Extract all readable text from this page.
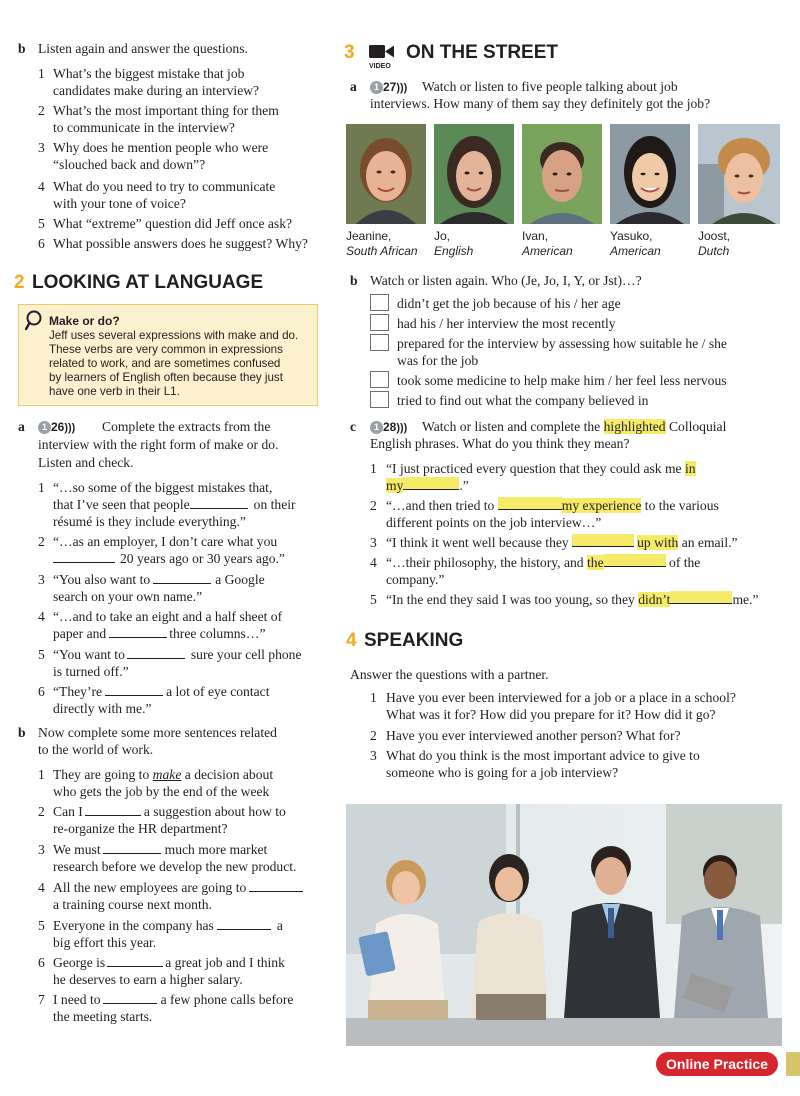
b Listen again and answer the questions.
1 What’s the biggest mistake that job
candidates make during an interview?
2 What’s the most important thing for them
to communicate in the interview?
3 Why does he mention people who were
“slouched back and down”?
4 What do you need to try to communicate
with your tone of voice?
5 What “extreme” question did Jeff once ask?
6 What possible answers does he suggest? Why?
2 LOOKING AT LANGUAGE
Make or do?
Jeff uses several expressions with make and do.
These verbs are very common in expressions
related to work, and are sometimes confused
by learners of English often because they just
have one verb in their L1.
a	1 26))) Complete the extracts from the
interview with the right form of make or do.
Listen and check.
1 “…so some of the biggest mistakes that,
that I’ve seen that people	on their
résumé is they include everything.”
2 “…as an employer, I don’t care what you
20 years ago or 30 years ago.”
3 “You also want to	a Google
search on your own name.”
4 “…and to take an eight and a half sheet of
paper and	three columns…”
5 “You want to	sure your cell phone
is turned off.”
6 “They’re	a lot of eye contact
directly with me.”
b Now complete some more sentences related
to the world of work.
1 They are going to make a decision about
who gets the job by the end of the week
2 Can I	a suggestion about how to
re-organize the HR department?
3 We must	much more market
research before we develop the new product.
4 All the new employees are going to
a training course next month.
5 Everyone in the company has	a
big effort this year.
6 George is	a great job and I think
he deserves to earn a higher salary.
7 I need to	a few phone calls before
the meeting starts.
3
VIDEO
ON THE STREET
a	1 27))) Watch or listen to five people talking about job
interviews. How many of them say they definitely got the job?
Jeanine,
South African
Jo,
English
Ivan,
American
Yasuko,
American
Joost,
Dutch
b Watch or listen again. Who (Je, Jo, I, Y, or Jst)…?
didn’t get the job because of his / her age
had his / her interview the most recently
prepared for the interview by assessing how suitable he / she
was for the job
took some medicine to help make him / her feel less nervous
tried to find out what the company believed in
c	1 28))) Watch or listen and complete the highlighted Colloquial
English phrases. What do you think they mean?
1 “I just practiced every question that they could ask me in
my	.”
2 “…and then tried to	my experience to the various
different points on the job interview…”
3 “I think it went well because they	up with an email.”
4 “…their philosophy, the history, and the	of the
company.”
5 “In the end they said I was too young, so they didn’t	me.”
4 SPEAKING
Answer the questions with a partner.
1 Have you ever been interviewed for a job or a place in a school?
What was it for? How did you prepare for it? How did it go?
2 Have you ever interviewed another person? What for?
3 What do you think is the most important advice to give to
someone who is going for a job interview?
Online Practice
